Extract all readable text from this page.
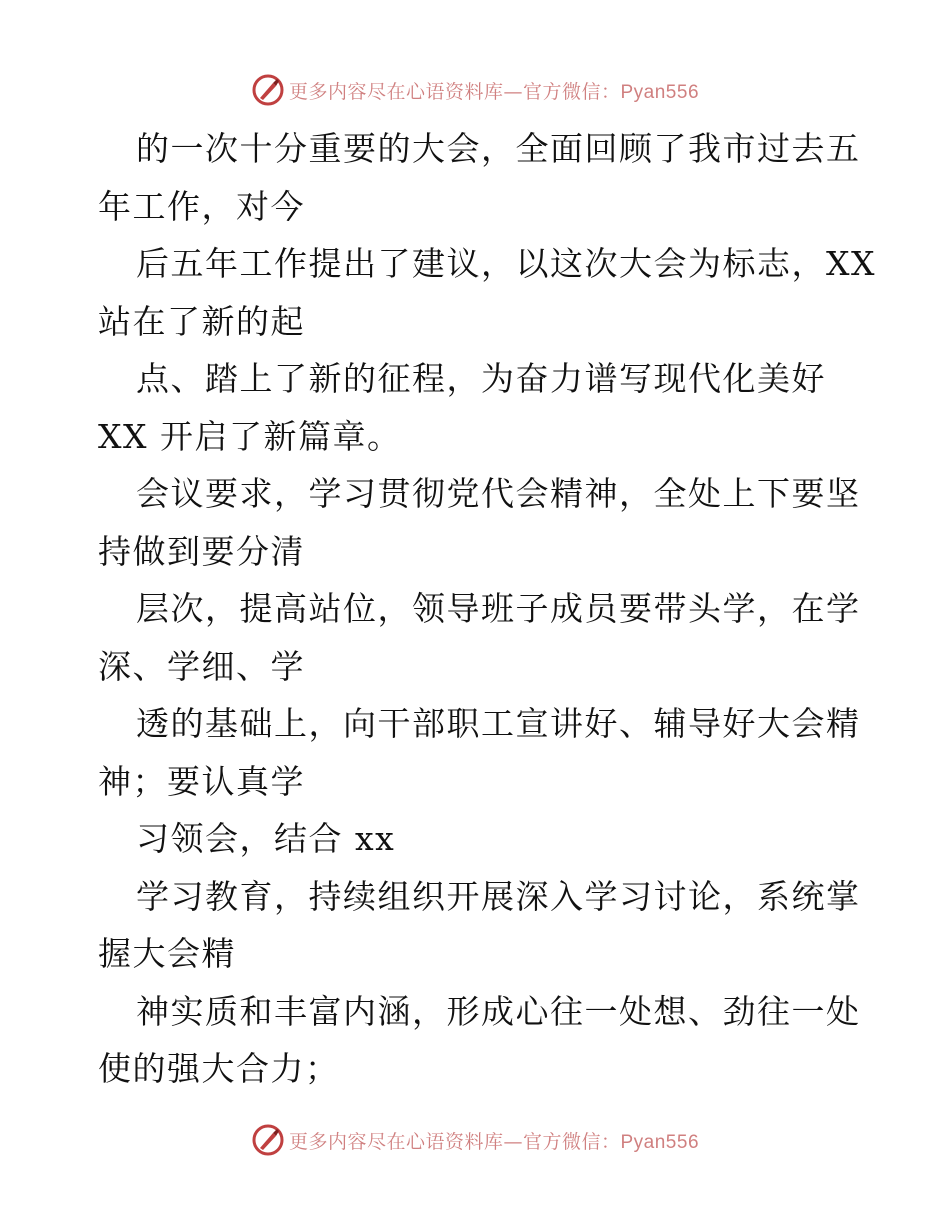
更多内容尽在心语资料库—官方微信：Pyan556
的一次十分重要的大会，全面回顾了我市过去五
年工作，对今
后五年工作提出了建议，以这次大会为标志，XX
站在了新的起
点、踏上了新的征程，为奋力谱写现代化美好
XX 开启了新篇章。
会议要求，学习贯彻党代会精神，全处上下要坚
持做到要分清
层次，提高站位，领导班子成员要带头学，在学
深、学细、学
透的基础上，向干部职工宣讲好、辅导好大会精
神；要认真学
习领会，结合 xx
学习教育，持续组织开展深入学习讨论，系统掌
握大会精
神实质和丰富内涵，形成心往一处想、劲往一处
使的强大合力；
更多内容尽在心语资料库—官方微信：Pyan556
